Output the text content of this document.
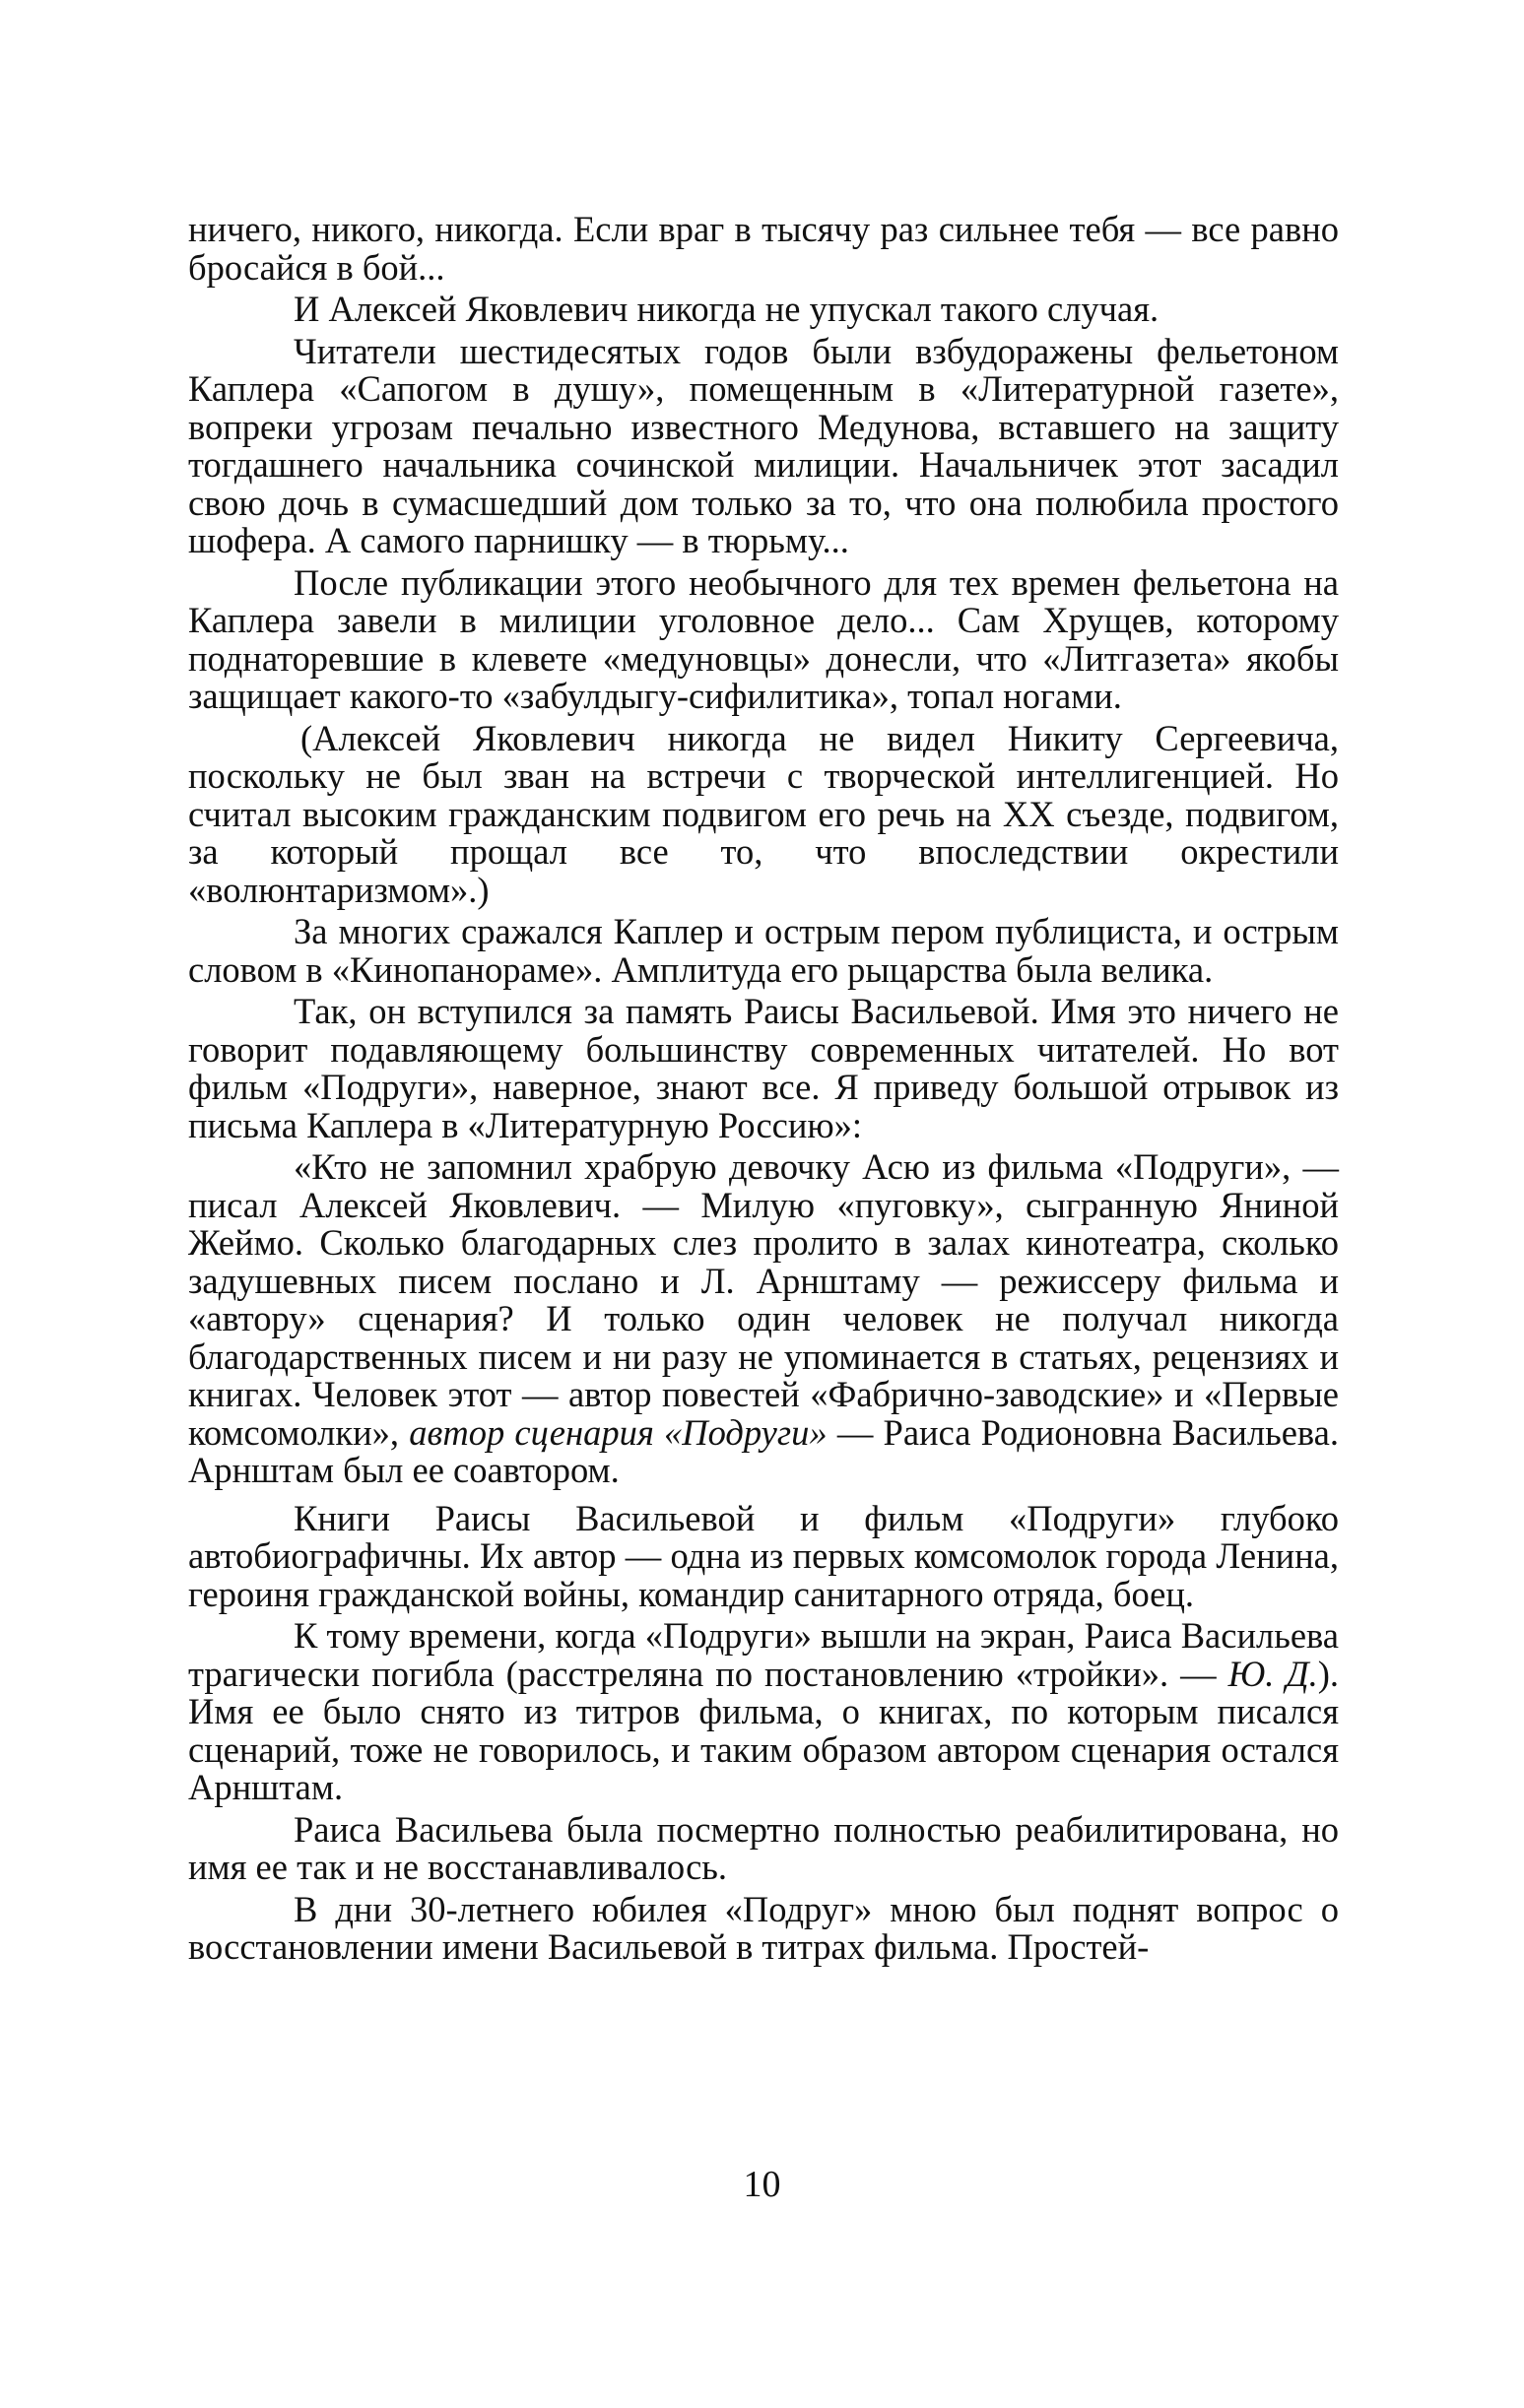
ничего, никого, никогда. Если враг в тысячу раз сильнее тебя — все равно бросайся в бой...

И Алексей Яковлевич никогда не упускал такого случая.

Читатели шестидесятых годов были взбудоражены фельетоном Каплера «Сапогом в душу», помещенным в «Литературной газете», вопреки угрозам печально известного Медунова, вставшего на защиту тогдашнего начальника сочинской милиции. Начальничек этот засадил свою дочь в сумасшедший дом только за то, что она полюбила простого шофера. А самого парнишку — в тюрьму...

После публикации этого необычного для тех времен фельетона на Каплера завели в милиции уголовное дело... Сам Хрущев, которому поднаторевшие в клевете «медуновцы» донесли, что «Литгазета» якобы защищает какого-то «забулдыгу-сифилитика», топал ногами.

(Алексей Яковлевич никогда не видел Никиту Сергеевича, поскольку не был зван на встречи с творческой интеллигенцией. Но считал высоким гражданским подвигом его речь на XX съезде, подвигом, за который прощал все то, что впоследствии окрестили «волюнтаризмом».)

За многих сражался Каплер и острым пером публициста, и острым словом в «Кинопанораме». Амплитуда его рыцарства была велика.

Так, он вступился за память Раисы Васильевой. Имя это ничего не говорит подавляющему большинству современных читателей. Но вот фильм «Подруги», наверное, знают все. Я приведу большой отрывок из письма Каплера в «Литературную Россию»:

«Кто не запомнил храбрую девочку Асю из фильма «Подруги», — писал Алексей Яковлевич. — Милую «пуговку», сыгранную Яниной Жеймо. Сколько благодарных слез пролито в залах кинотеатра, сколько задушевных писем послано и Л. Арнштаму — режиссеру фильма и «автору» сценария? И только один человек не получал никогда благодарственных писем и ни разу не упоминается в статьях, рецензиях и книгах. Человек этот — автор повестей «Фабрично-заводские» и «Первые комсомолки», автор сценария «Подруги» — Раиса Родионовна Васильева. Арнштам был ее соавтором.

Книги Раисы Васильевой и фильм «Подруги» глубоко автобиографичны. Их автор — одна из первых комсомолок города Ленина, героиня гражданской войны, командир санитарного отряда, боец.

К тому времени, когда «Подруги» вышли на экран, Раиса Васильева трагически погибла (расстреляна по постановлению «тройки». — Ю. Д.). Имя ее было снято из титров фильма, о книгах, по которым писался сценарий, тоже не говорилось, и таким образом автором сценария остался Арнштам.

Раиса Васильева была посмертно полностью реабилитирована, но имя ее так и не восстанавливалось.

В дни 30-летнего юбилея «Подруг» мною был поднят вопрос о восстановлении имени Васильевой в титрах фильма. Простей-

10
